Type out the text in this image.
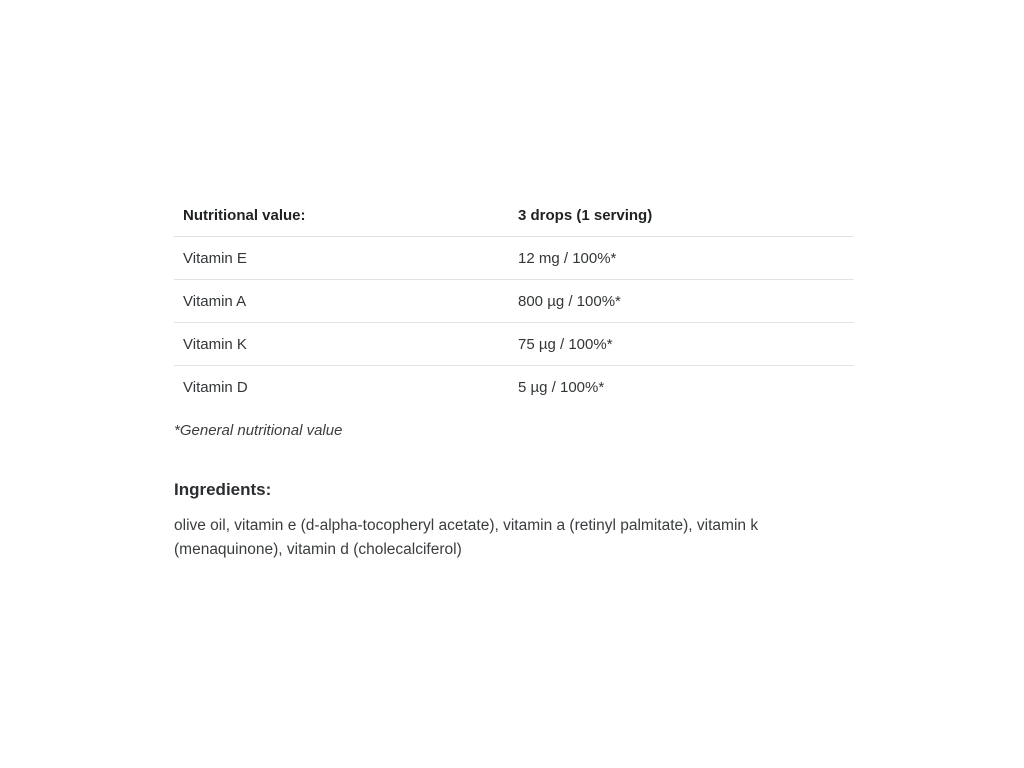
Nutritional value:	3 drops (1 serving)
Vitamin E	12 mg / 100%*
Vitamin A	800 µg / 100%*
Vitamin K	75 µg / 100%*
Vitamin D	5 µg / 100%*

*General nutritional value

Ingredients:

olive oil, vitamin e (d-alpha-tocopheryl acetate), vitamin a (retinyl palmitate), vitamin k (menaquinone), vitamin d (cholecalciferol)
